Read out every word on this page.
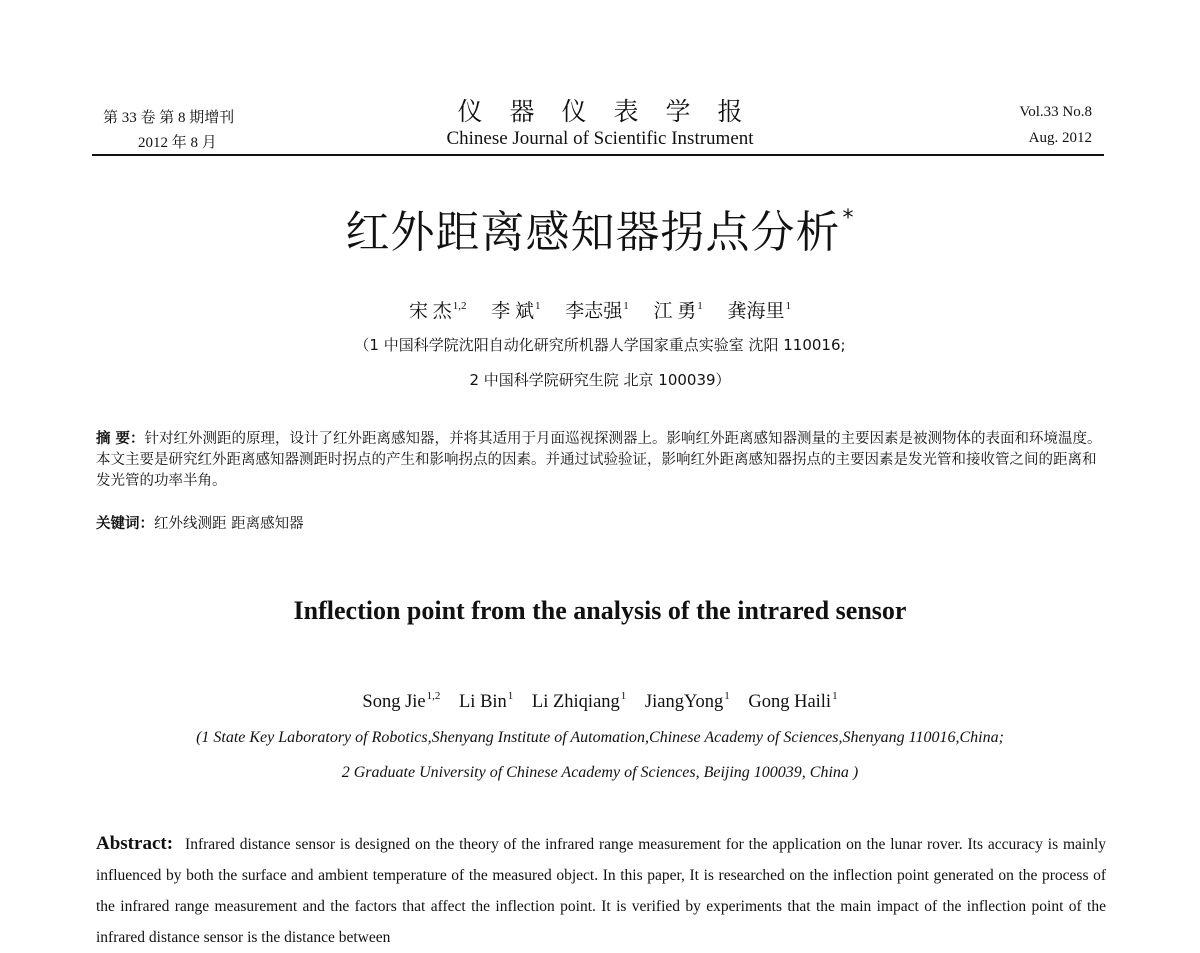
第 33 卷 第 8 期增刊
2012 年 8 月
仪器仪表学报
Chinese Journal of Scientific Instrument
Vol.33 No.8
Aug. 2012
红外距离感知器拐点分析*
宋 杰$^{1,2}$ 李 斌$^1$ 李志强$^1$ 江 勇$^1$ 龚海里$^1$
（1 中国科学院沈阳自动化研究所机器人学国家重点实验室 沈阳 110016;
2 中国科学院研究生院 北京 100039）
摘 要：针对红外测距的原理，设计了红外距离感知器，并将其适用于月面巡视探测器上。影响红外距离感知器测量的主要因素是被测物体的表面和环境温度。本文主要是研究红外距离感知器测距时拐点的产生和影响拐点的因素。并通过试验验证，影响红外距离感知器拐点的主要因素是发光管和接收管之间的距离和发光管的功率半角。
关键词：红外线测距 距离感知器
Inflection point from the analysis of the intrared sensor
Song Jie$^{1,2}$ Li Bin$^1$ Li Zhiqiang$^1$ JiangYong$^1$ Gong Haili$^1$
(1 State Key Laboratory of Robotics,Shenyang Institute of Automation,Chinese Academy of Sciences,Shenyang 110016,China;
2 Graduate University of Chinese Academy of Sciences, Beijing 100039, China )
Abstract: Infrared distance sensor is designed on the theory of the infrared range measurement for the application on the lunar rover. Its accuracy is mainly influenced by both the surface and ambient temperature of the measured object. In this paper, It is researched on the inflection point generated on the process of the infrared range measurement and the factors that affect the inflection point. It is verified by experiments that the main impact of the inflection point of the infrared distance sensor is the distance between
